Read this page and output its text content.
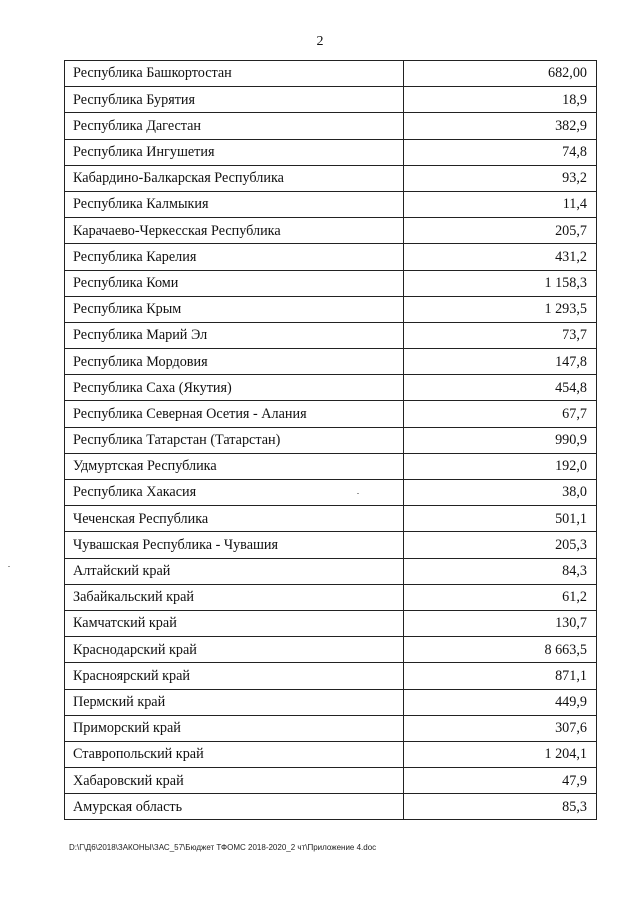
2
Республика Башкортостан	682,00
Республика Бурятия	18,9
Республика Дагестан	382,9
Республика Ингушетия	74,8
Кабардино-Балкарская Республика	93,2
Республика Калмыкия	11,4
Карачаево-Черкесская Республика	205,7
Республика Карелия	431,2
Республика Коми	1 158,3
Республика Крым	1 293,5
Республика Марий Эл	73,7
Республика Мордовия	147,8
Республика Саха (Якутия)	454,8
Республика Северная Осетия - Алания	67,7
Республика Татарстан (Татарстан)	990,9
Удмуртская Республика	192,0
Республика Хакасия	38,0
Чеченская Республика	501,1
Чувашская Республика - Чувашия	205,3
Алтайский край	84,3
Забайкальский край	61,2
Камчатский край	130,7
Краснодарский край	8 663,5
Красноярский край	871,1
Пермский край	449,9
Приморский край	307,6
Ставропольский край	1 204,1
Хабаровский край	47,9
Амурская область	85,3
D:\Г\Д6\2018\ЗАКОНЫ\ЗАС_57\Бюджет ТФОМС 2018-2020_2 чт\Приложение 4.doc
